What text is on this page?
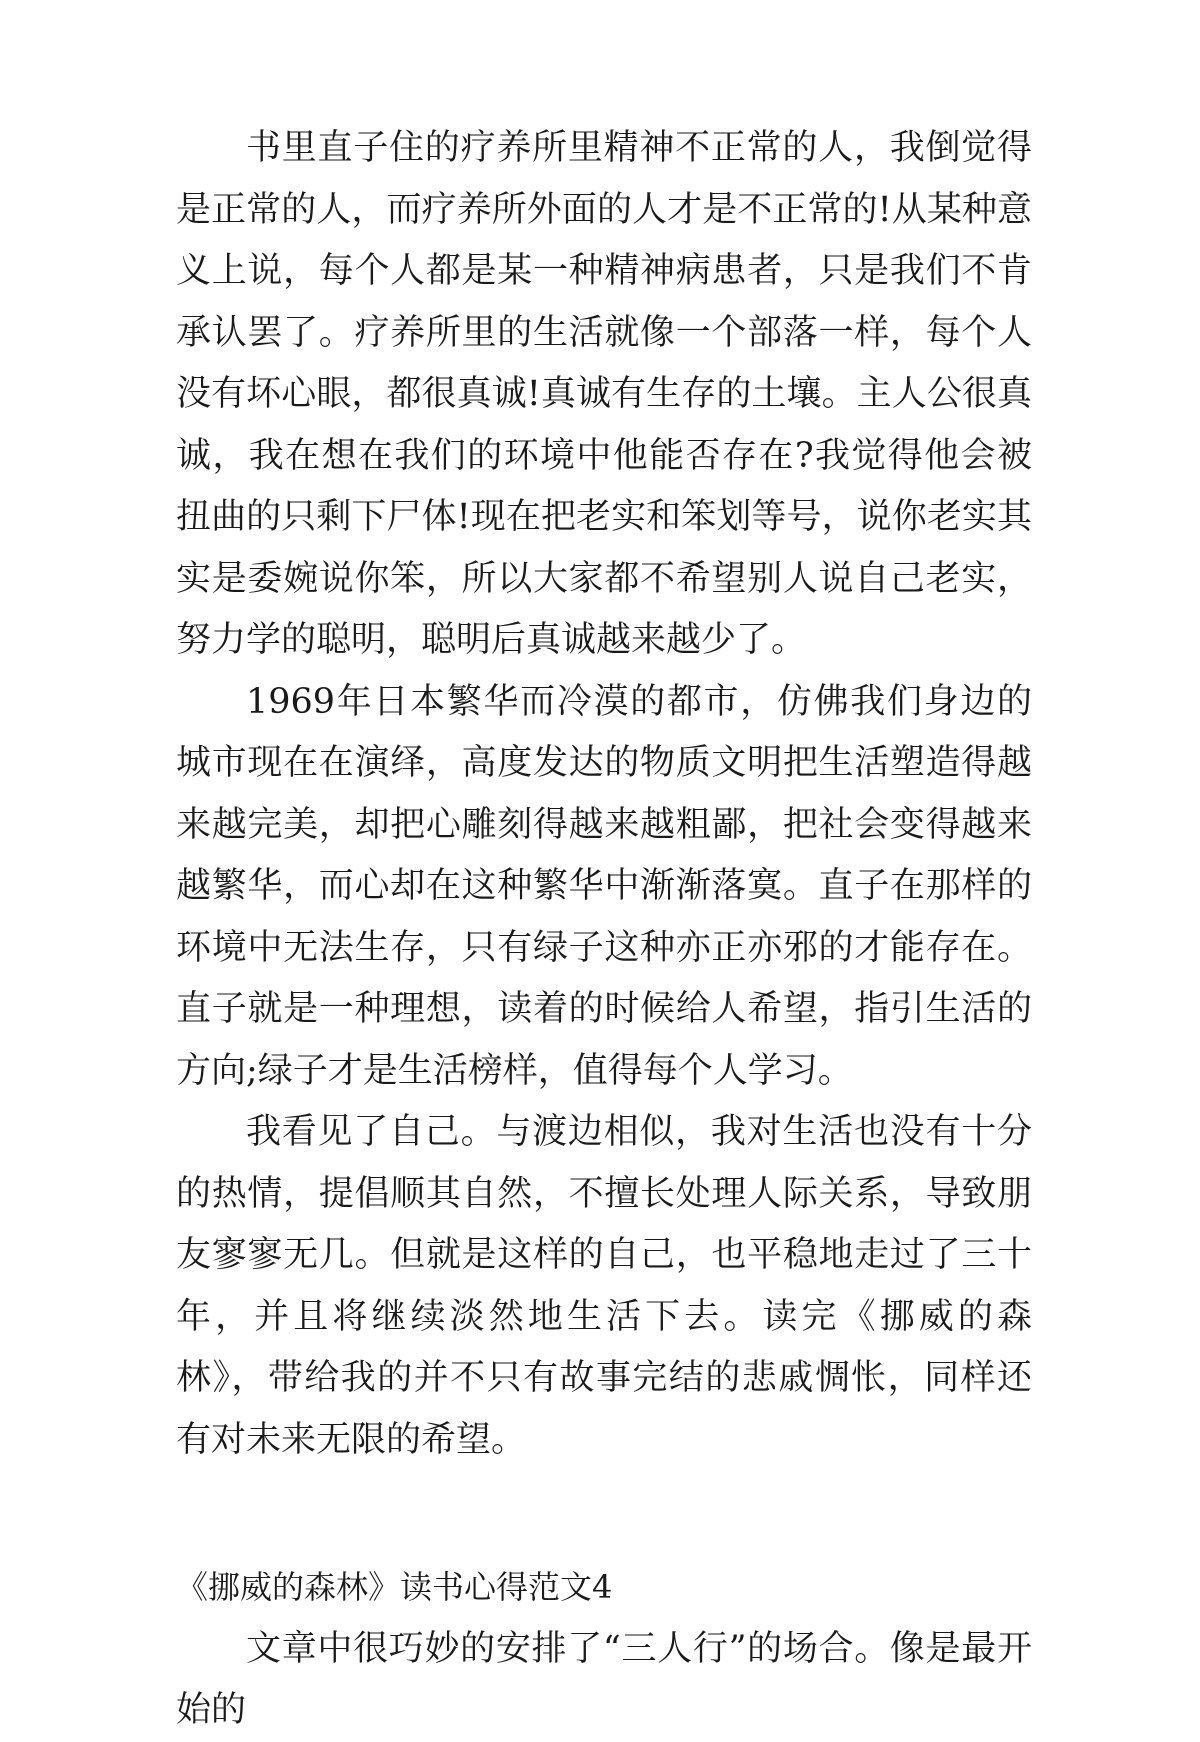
书里直子住的疗养所里精神不正常的人，我倒觉得是正常的人，而疗养所外面的人才是不正常的!从某种意义上说，每个人都是某一种精神病患者，只是我们不肯承认罢了。疗养所里的生活就像一个部落一样，每个人没有坏心眼，都很真诚!真诚有生存的土壤。主人公很真诚，我在想在我们的环境中他能否存在?我觉得他会被扭曲的只剩下尸体!现在把老实和笨划等号，说你老实其实是委婉说你笨，所以大家都不希望别人说自己老实，努力学的聪明，聪明后真诚越来越少了。

1969年日本繁华而冷漠的都市，仿佛我们身边的城市现在在演绎，高度发达的物质文明把生活塑造得越来越完美，却把心雕刻得越来越粗鄙，把社会变得越来越繁华，而心却在这种繁华中渐渐落寞。直子在那样的环境中无法生存，只有绿子这种亦正亦邪的才能存在。直子就是一种理想，读着的时候给人希望，指引生活的方向;绿子才是生活榜样，值得每个人学习。

我看见了自己。与渡边相似，我对生活也没有十分的热情，提倡顺其自然，不擅长处理人际关系，导致朋友寥寥无几。但就是这样的自己，也平稳地走过了三十年，并且将继续淡然地生活下去。读完《挪威的森林》，带给我的并不只有故事完结的悲戚惆怅，同样还有对未来无限的希望。

《挪威的森林》读书心得范文4

文章中很巧妙的安排了“三人行”的场合。像是最开始的
